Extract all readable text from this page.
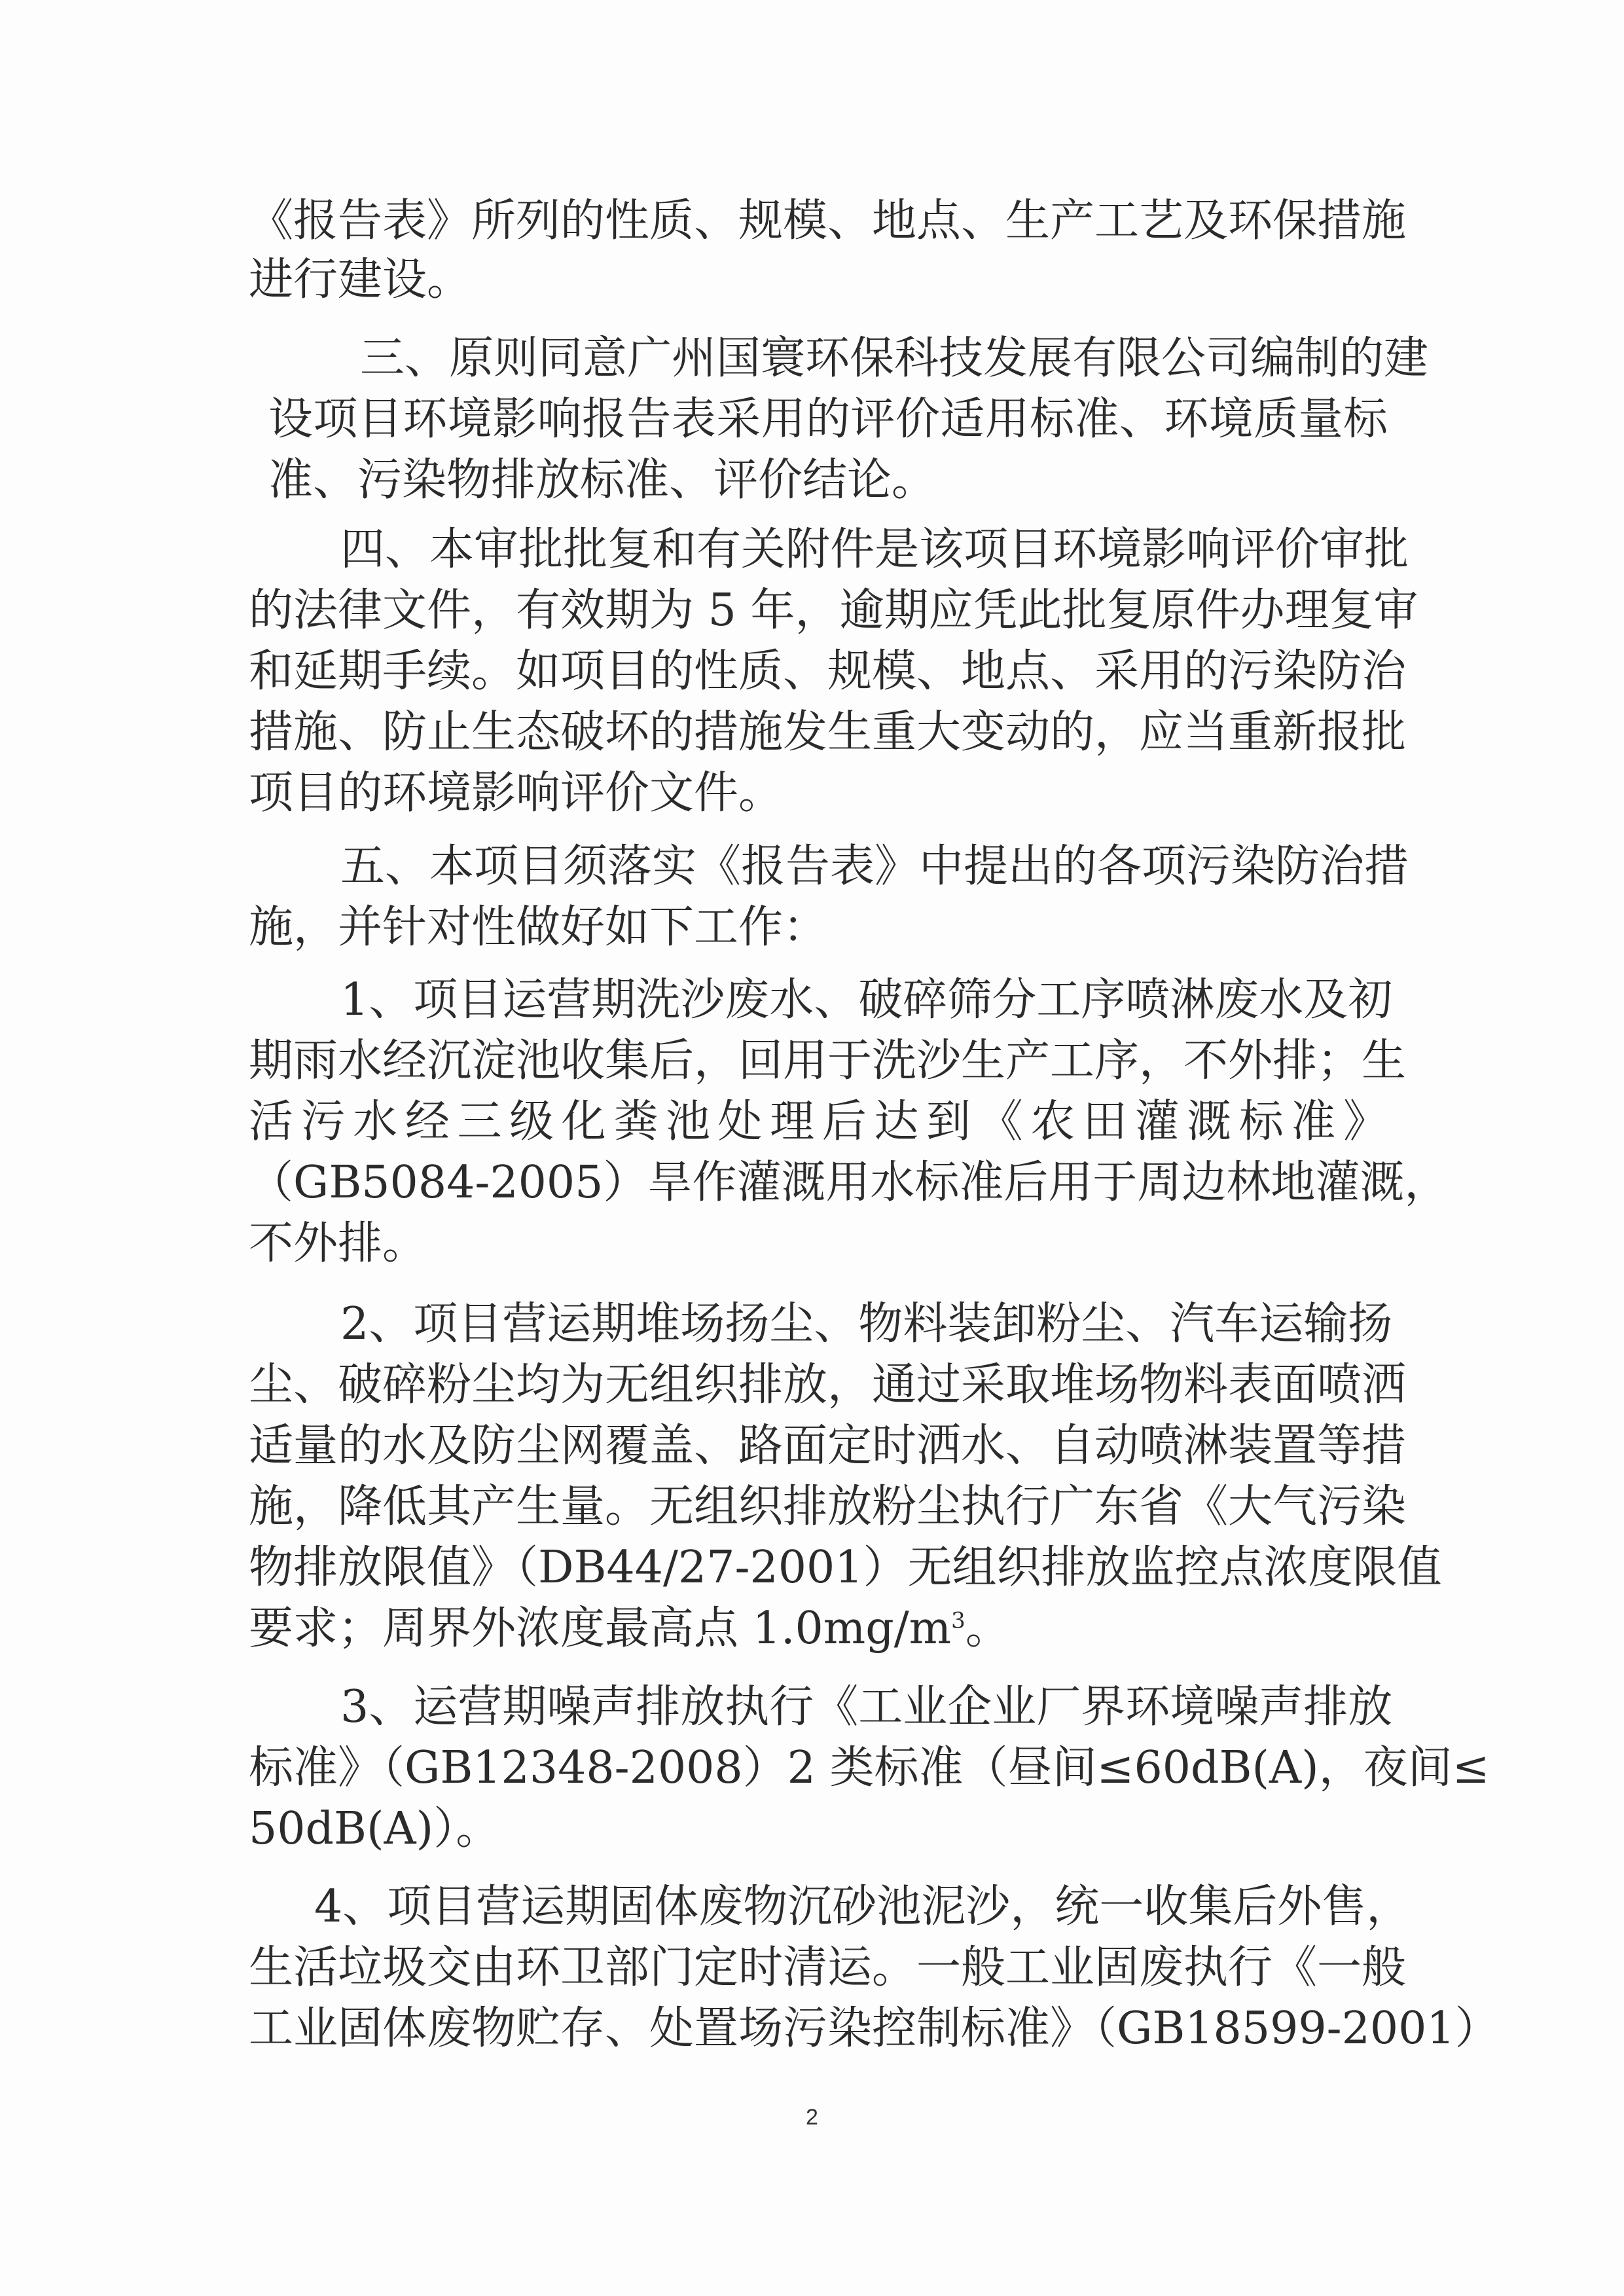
《报告表》所列的性质、规模、地点、生产工艺及环保措施
进行建设。
三、原则同意广州国寰环保科技发展有限公司编制的建
设项目环境影响报告表采用的评价适用标准、环境质量标
准、污染物排放标准、评价结论。
四、本审批批复和有关附件是该项目环境影响评价审批
的法律文件，有效期为 5 年，逾期应凭此批复原件办理复审
和延期手续。如项目的性质、规模、地点、采用的污染防治
措施、防止生态破坏的措施发生重大变动的，应当重新报批
项目的环境影响评价文件。
五、本项目须落实《报告表》中提出的各项污染防治措
施，并针对性做好如下工作：
1、项目运营期洗沙废水、破碎筛分工序喷淋废水及初
期雨水经沉淀池收集后，回用于洗沙生产工序，不外排；生
活污水经三级化粪池处理后达到《农田灌溉标准》
（GB5084-2005）旱作灌溉用水标准后用于周边林地灌溉，
不外排。
2、项目营运期堆场扬尘、物料装卸粉尘、汽车运输扬
尘、破碎粉尘均为无组织排放，通过采取堆场物料表面喷洒
适量的水及防尘网覆盖、路面定时洒水、自动喷淋装置等措
施，降低其产生量。无组织排放粉尘执行广东省《大气污染
物排放限值》（DB44/27-2001）无组织排放监控点浓度限值
要求；周界外浓度最高点 $1.0mg/m^3$。
3、运营期噪声排放执行《工业企业厂界环境噪声排放
标准》（GB12348-2008）2 类标准（昼间≤60dB(A)，夜间≤
50dB(A)）。
4、项目营运期固体废物沉砂池泥沙，统一收集后外售，
生活垃圾交由环卫部门定时清运。一般工业固废执行《一般
工业固体废物贮存、处置场污染控制标准》（GB18599-2001）
2
